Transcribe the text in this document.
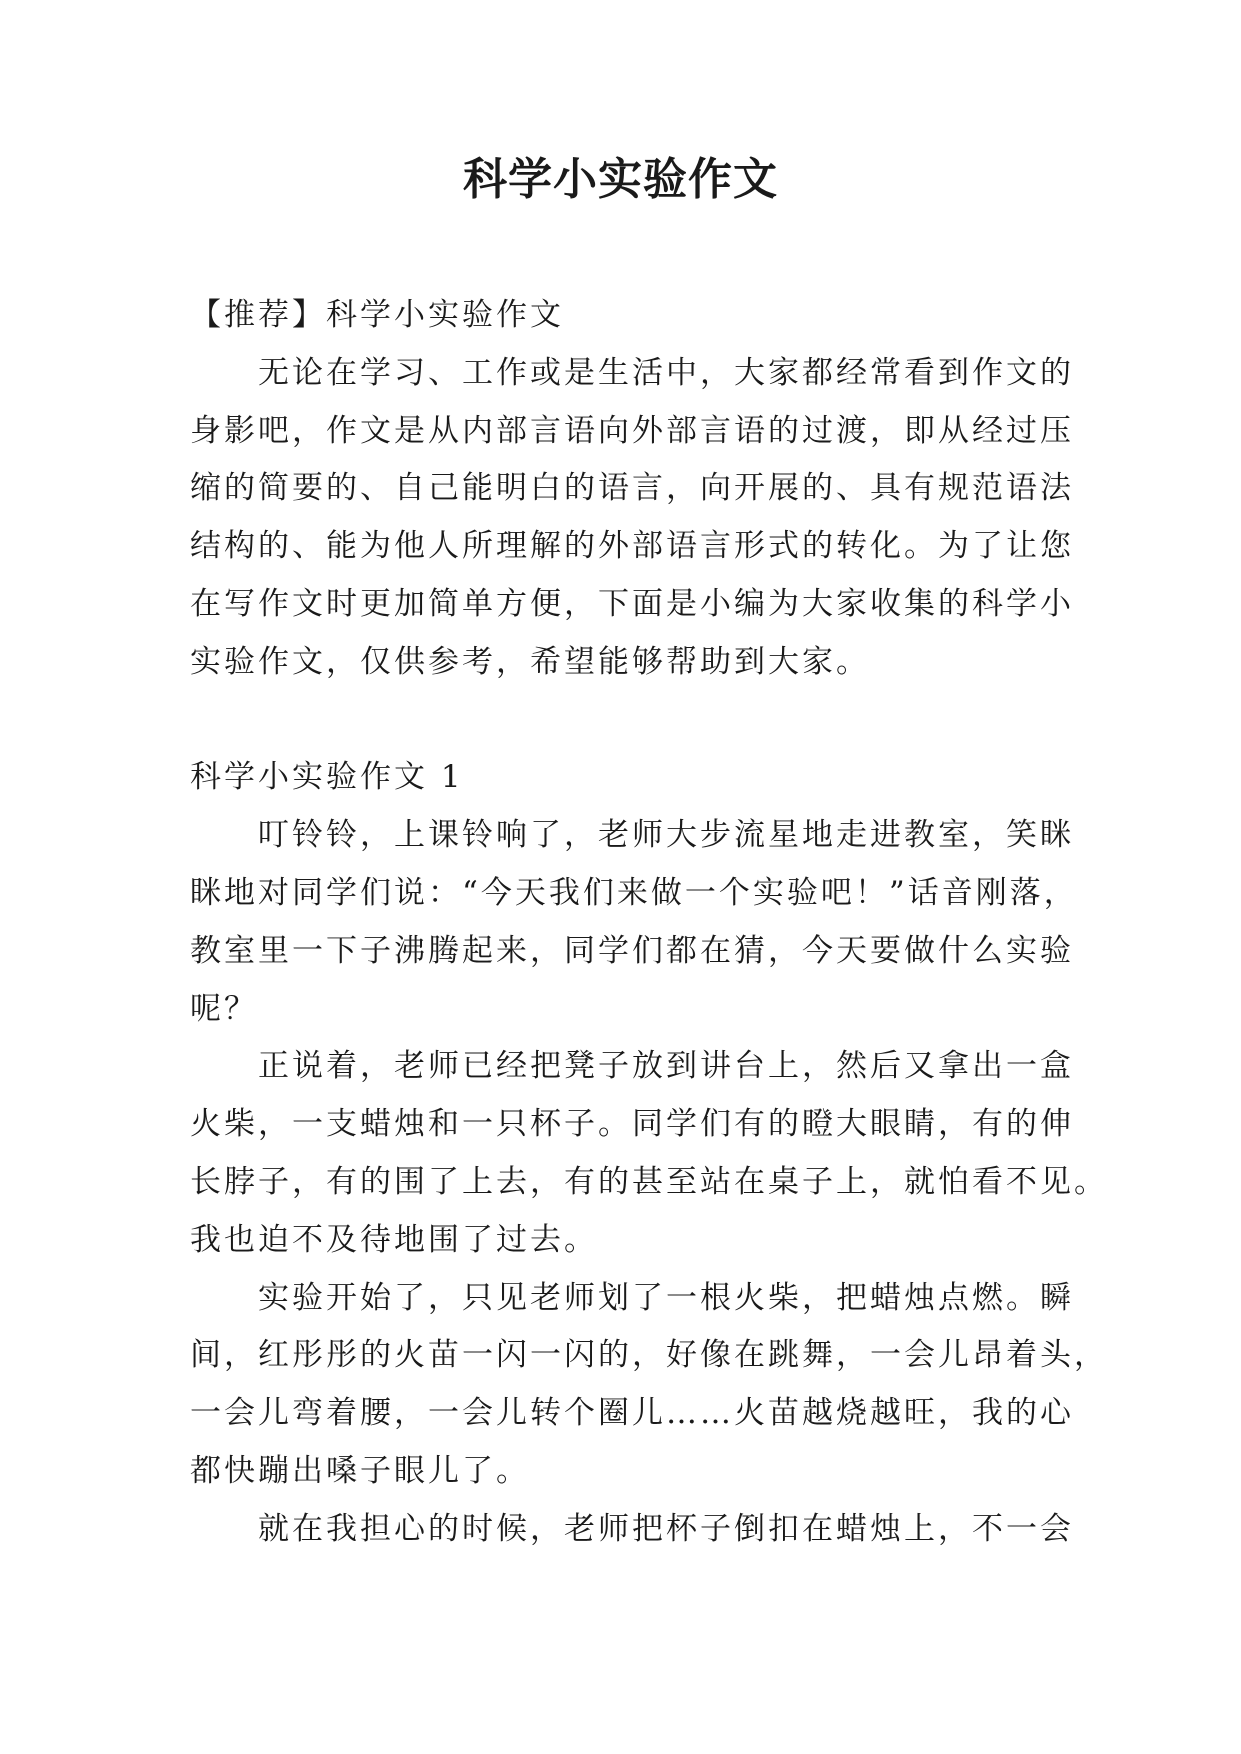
科学小实验作文

【推荐】科学小实验作文

　　无论在学习、工作或是生活中，大家都经常看到作文的

身影吧，作文是从内部言语向外部言语的过渡，即从经过压

缩的简要的、自己能明白的语言，向开展的、具有规范语法

结构的、能为他人所理解的外部语言形式的转化。为了让您

在写作文时更加简单方便，下面是小编为大家收集的科学小

实验作文，仅供参考，希望能够帮助到大家。

科学小实验作文 1

　　叮铃铃，上课铃响了，老师大步流星地走进教室，笑眯

眯地对同学们说：“今天我们来做一个实验吧！”话音刚落，

教室里一下子沸腾起来，同学们都在猜，今天要做什么实验

呢？

　　正说着，老师已经把凳子放到讲台上，然后又拿出一盒

火柴，一支蜡烛和一只杯子。同学们有的瞪大眼睛，有的伸

长脖子，有的围了上去，有的甚至站在桌子上，就怕看不见。

我也迫不及待地围了过去。

　　实验开始了，只见老师划了一根火柴，把蜡烛点燃。瞬

间，红彤彤的火苗一闪一闪的，好像在跳舞，一会儿昂着头，

一会儿弯着腰，一会儿转个圈儿……火苗越烧越旺，我的心

都快蹦出嗓子眼儿了。

　　就在我担心的时候，老师把杯子倒扣在蜡烛上，不一会
